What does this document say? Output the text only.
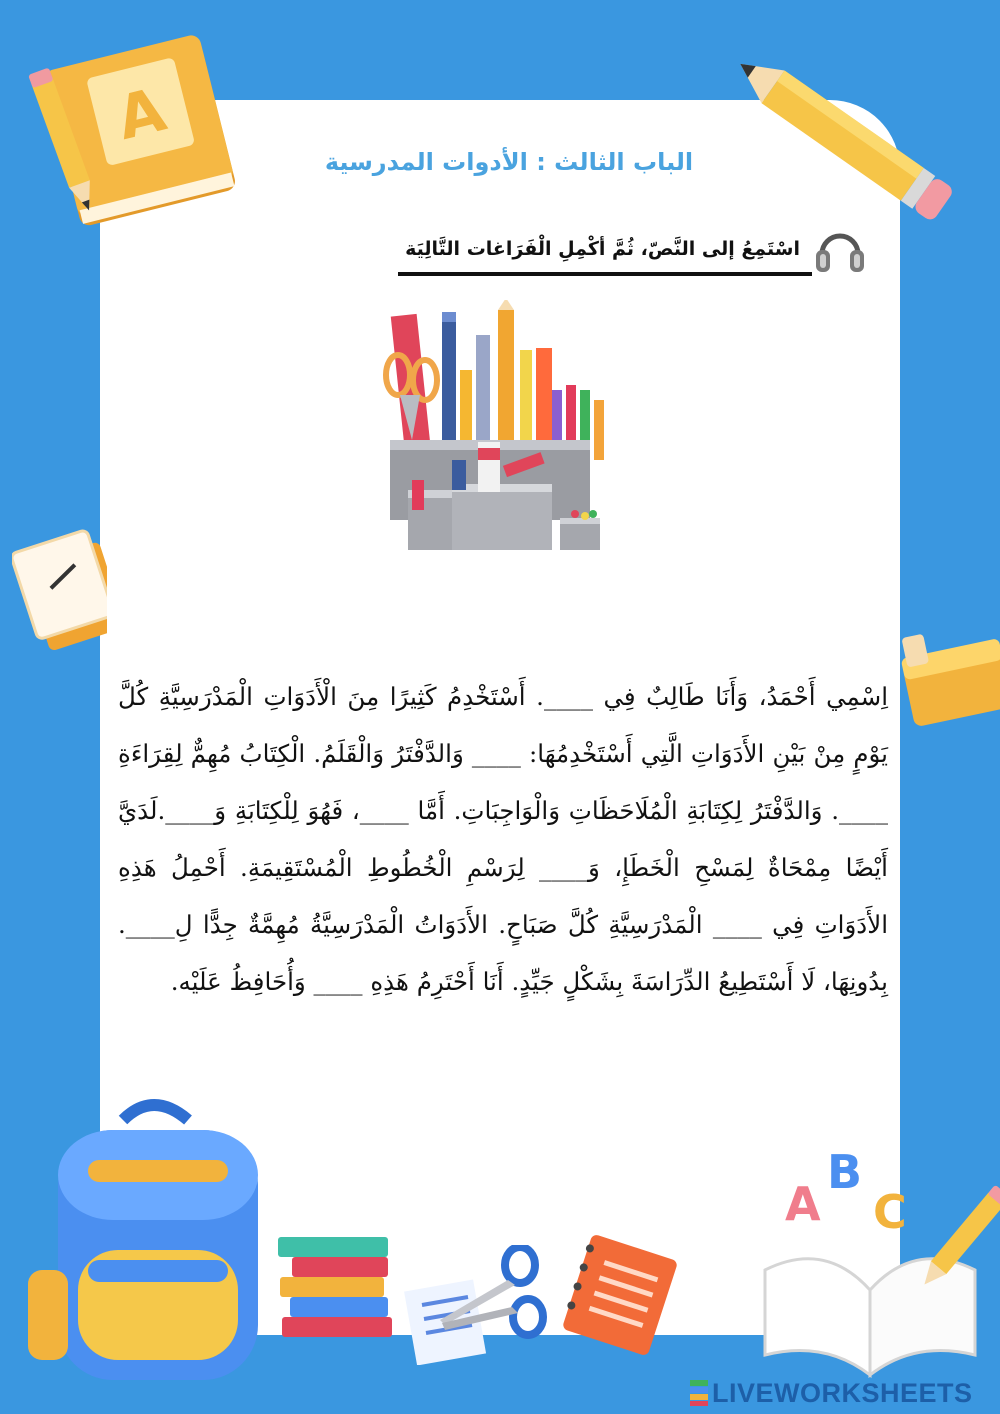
A
الباب الثالث : الأدوات المدرسية
اسْتَمِعُ إلى النَّصّ، ثُمَّ أكْمِلِ الْفَرَاغات التَّالِيَة
اِسْمِي أَحْمَدُ، وَأَنَا طَالِبٌ فِي ____. أَسْتَخْدِمُ كَثِيرًا مِنَ الْأَدَوَاتِ الْمَدْرَسِيَّةِ كُلَّ يَوْمٍ مِنْ بَيْنِ الأَدَوَاتِ الَّتِي أَسْتَخْدِمُهَا: ____ وَالدَّفْتَرُ وَالْقَلَمُ. الْكِتَابُ مُهِمٌّ لِقِرَاءَةِ ____. وَالدَّفْتَرُ لِكِتَابَةِ الْمُلَاحَظَاتِ وَالْوَاجِبَاتِ. أَمَّا ____، فَهُوَ لِلْكِتَابَةِ وَ____.لَدَيَّ أَيْضًا مِمْحَاةٌ لِمَسْحِ الْخَطَإِ، وَ____ لِرَسْمِ الْخُطُوطِ الْمُسْتَقِيمَةِ. أَحْمِلُ هَذِهِ الأَدَوَاتِ فِي ____ الْمَدْرَسِيَّةِ كُلَّ صَبَاحٍ. الأَدَوَاتُ الْمَدْرَسِيَّةُ مُهِمَّةٌ جِدًّا لِ____. بِدُونِهَا، لَا أَسْتَطِيعُ الدِّرَاسَةَ بِشَكْلٍ جَيِّدٍ. أَنَا أَحْتَرِمُ هَذِهِ ____ وَأُحَافِظُ عَلَيْه.
A
B
C
LIVEWORKSHEETS
